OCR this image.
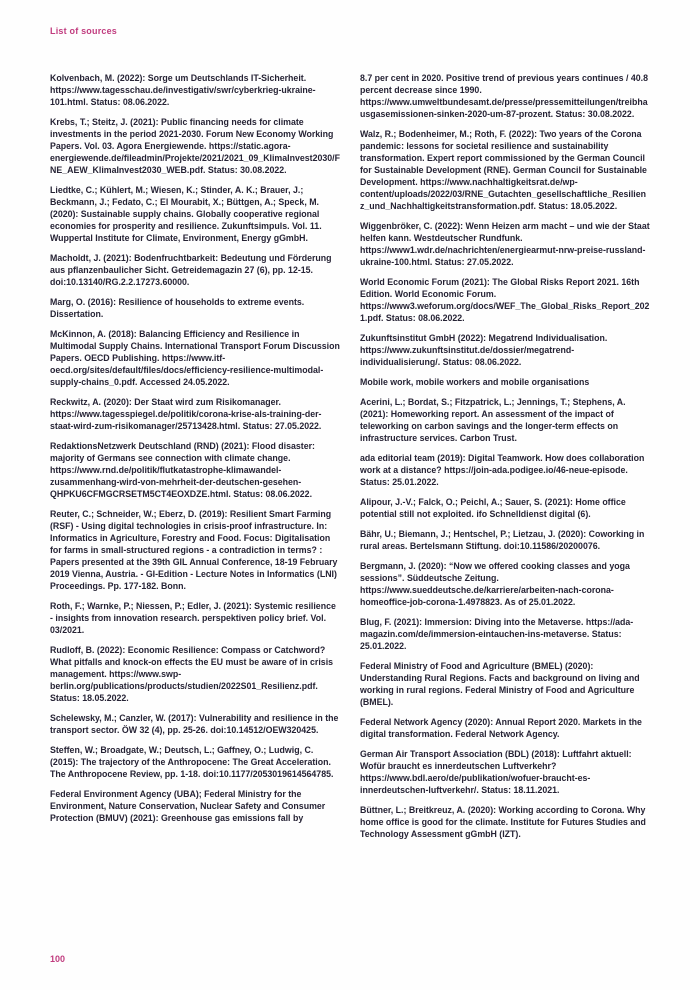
List of sources

Kolvenbach, M. (2022): Sorge um Deutschlands IT-Sicherheit. https://www.tagesschau.de/investigativ/swr/cyberkrieg-ukraine-101.html. Status: 08.06.2022.

Krebs, T.; Steitz, J. (2021): Public financing needs for climate investments in the period 2021-2030. Forum New Economy Working Papers. Vol. 03. Agora Energiewende. https://static.agora-energiewende.de/fileadmin/Projekte/2021/2021_09_KlimaInvest2030/FNE_AEW_KlimaInvest2030_WEB.pdf. Status: 30.08.2022.

Liedtke, C.; Kühlert, M.; Wiesen, K.; Stinder, A. K.; Brauer, J.; Beckmann, J.; Fedato, C.; El Mourabit, X.; Büttgen, A.; Speck, M. (2020): Sustainable supply chains. Globally cooperative regional economies for prosperity and resilience. Zukunftsimpuls. Vol. 11. Wuppertal Institute for Climate, Environment, Energy gGmbH.

Macholdt, J. (2021): Bodenfruchtbarkeit: Bedeutung und Förderung aus pflanzenbaulicher Sicht. Getreidemagazin 27 (6), pp. 12-15. doi:10.13140/RG.2.2.17273.60000.

Marg, O. (2016): Resilience of households to extreme events. Dissertation.

McKinnon, A. (2018): Balancing Efficiency and Resilience in Multimodal Supply Chains. International Transport Forum Discussion Papers. OECD Publishing. https://www.itf-oecd.org/sites/default/files/docs/efficiency-resilience-multimodal-supply-chains_0.pdf. Accessed 24.05.2022.

Reckwitz, A. (2020): Der Staat wird zum Risikomanager. https://www.tagesspiegel.de/politik/corona-krise-als-training-der-staat-wird-zum-risikomanager/25713428.html. Status: 27.05.2022.

RedaktionsNetzwerk Deutschland (RND) (2021): Flood disaster: majority of Germans see connection with climate change. https://www.rnd.de/politik/flutkatastrophe-klimawandel-zusammenhang-wird-von-mehrheit-der-deutschen-gesehen-QHPKU6CFMGCRSETM5CT4EOXDZE.html. Status: 08.06.2022.

Reuter, C.; Schneider, W.; Eberz, D. (2019): Resilient Smart Farming (RSF) - Using digital technologies in crisis-proof infrastructure. In: Informatics in Agriculture, Forestry and Food. Focus: Digitalisation for farms in small-structured regions - a contradiction in terms? : Papers presented at the 39th GIL Annual Conference, 18-19 February 2019 Vienna, Austria. - GI-Edition - Lecture Notes in Informatics (LNI) Proceedings. Pp. 177-182. Bonn.

Roth, F.; Warnke, P.; Niessen, P.; Edler, J. (2021): Systemic resilience - insights from innovation research. perspektiven policy brief. Vol. 03/2021.

Rudloff, B. (2022): Economic Resilience: Compass or Catchword? What pitfalls and knock-on effects the EU must be aware of in crisis management. https://www.swp-berlin.org/publications/products/studien/2022S01_Resilienz.pdf. Status: 18.05.2022.

Schelewsky, M.; Canzler, W. (2017): Vulnerability and resilience in the transport sector. ÖW 32 (4), pp. 25-26. doi:10.14512/OEW320425.

Steffen, W.; Broadgate, W.; Deutsch, L.; Gaffney, O.; Ludwig, C. (2015): The trajectory of the Anthropocene: The Great Acceleration. The Anthropocene Review, pp. 1-18. doi:10.1177/2053019614564785.

Federal Environment Agency (UBA); Federal Ministry for the Environment, Nature Conservation, Nuclear Safety and Consumer Protection (BMUV) (2021): Greenhouse gas emissions fall by

8.7 per cent in 2020. Positive trend of previous years continues / 40.8 percent decrease since 1990. https://www.umweltbundesamt.de/presse/pressemitteilungen/treibhausgasemissionen-sinken-2020-um-87-prozent. Status: 30.08.2022.

Walz, R.; Bodenheimer, M.; Roth, F. (2022): Two years of the Corona pandemic: lessons for societal resilience and sustainability transformation. Expert report commissioned by the German Council for Sustainable Development (RNE). German Council for Sustainable Development. https://www.nachhaltigkeitsrat.de/wp-content/uploads/2022/03/RNE_Gutachten_gesellschaftliche_Resilienz_und_Nachhaltigkeitstransformation.pdf. Status: 18.05.2022.

Wiggenbröker, C. (2022): Wenn Heizen arm macht – und wie der Staat helfen kann. Westdeutscher Rundfunk. https://www1.wdr.de/nachrichten/energiearmut-nrw-preise-russland-ukraine-100.html. Status: 27.05.2022.

World Economic Forum (2021): The Global Risks Report 2021. 16th Edition. World Economic Forum. https://www3.weforum.org/docs/WEF_The_Global_Risks_Report_2021.pdf. Status: 08.06.2022.

Zukunftsinstitut GmbH (2022): Megatrend Individualisation. https://www.zukunftsinstitut.de/dossier/megatrend-individualisierung/. Status: 08.06.2022.

Mobile work, mobile workers and mobile organisations

Acerini, L.; Bordat, S.; Fitzpatrick, L.; Jennings, T.; Stephens, A. (2021): Homeworking report. An assessment of the impact of teleworking on carbon savings and the longer-term effects on infrastructure services. Carbon Trust.

ada editorial team (2019): Digital Teamwork. How does collaboration work at a distance? https://join-ada.podigee.io/46-neue-episode. Status: 25.01.2022.

Alipour, J.-V.; Falck, O.; Peichl, A.; Sauer, S. (2021): Home office potential still not exploited. ifo Schnelldienst digital (6).

Bähr, U.; Biemann, J.; Hentschel, P.; Lietzau, J. (2020): Coworking in rural areas. Bertelsmann Stiftung. doi:10.11586/20200076.

Bergmann, J. (2020): “Now we offered cooking classes and yoga sessions”. Süddeutsche Zeitung. https://www.sueddeutsche.de/karriere/arbeiten-nach-corona-homeoffice-job-corona-1.4978823. As of 25.01.2022.

Blug, F. (2021): Immersion: Diving into the Metaverse. https://ada-magazin.com/de/immersion-eintauchen-ins-metaverse. Status: 25.01.2022.

Federal Ministry of Food and Agriculture (BMEL) (2020): Understanding Rural Regions. Facts and background on living and working in rural regions. Federal Ministry of Food and Agriculture (BMEL).

Federal Network Agency (2020): Annual Report 2020. Markets in the digital transformation. Federal Network Agency.

German Air Transport Association (BDL) (2018): Luftfahrt aktuell: Wofür braucht es innerdeutschen Luftverkehr? https://www.bdl.aero/de/publikation/wofuer-braucht-es-innerdeutschen-luftverkehr/. Status: 18.11.2021.

Büttner, L.; Breitkreuz, A. (2020): Working according to Corona. Why home office is good for the climate. Institute for Futures Studies and Technology Assessment gGmbH (IZT).

100
